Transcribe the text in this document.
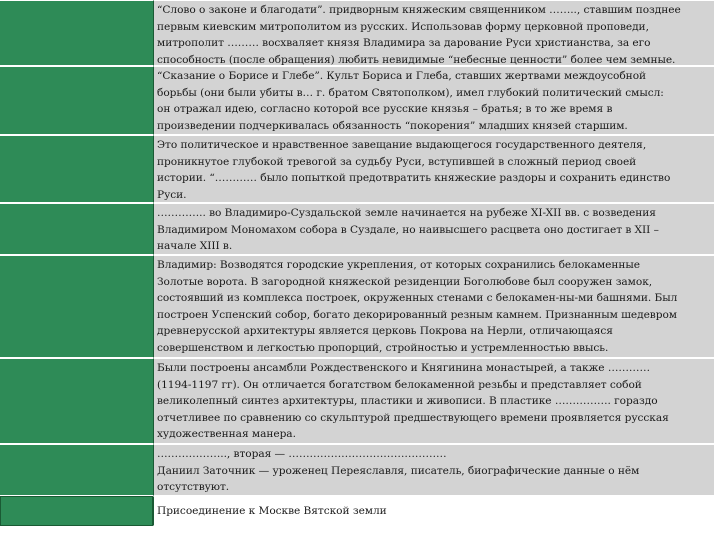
“Слово о законе и благодати”. придворным княжеским священником …….., ставшим позднее
первым киевским митрополитом из русских. Использовав форму церковной проповеди,
митрополит ……… восхваляет князя Владимира за дарование Руси христианства, за его
способность (после обращения) любить невидимые “небесные ценности” более чем земные.

“Сказание о Борисе и Глебе”. Культ Бориса и Глеба, ставших жертвами междоусобной
борьбы (они были убиты в… г. братом Святополком), имел глубокий политический смысл:
он отражал идею, согласно которой все русские князья – братья; в то же время в
произведении подчеркивалась обязанность “покорения” младших князей старшим.

Это политическое и нравственное завещание выдающегося государственного деятеля,
проникнутое глубокой тревогой за судьбу Руси, вступившей в сложный период своей
истории. “………… было попыткой предотвратить княжеские раздоры и сохранить единство
Руси.

………….. во Владимиро-Суздальской земле начинается на рубеже XI-XII вв. с возведения
Владимиром Мономахом собора в Суздале, но наивысшего расцвета оно достигает в XII –
начале XIII в.

Владимир: Возводятся городские укрепления, от которых сохранились белокаменные
Золотые ворота. В загородной княжеской резиденции Боголюбове был сооружен замок,
состоявший из комплекса построек, окруженных стенами с белокамен-ны-ми башнями. Был
построен Успенский собор, богато декорированный резным камнем. Признанным шедевром
древнерусской архитектуры является церковь Покрова на Нерли, отличающаяся
совершенством и легкостью пропорций, стройностью и устремленностью ввысь.

Были построены ансамбли Рождественского и Княгинина монастырей, а также …………
(1194-1197 гг). Он отличается богатством белокаменной резьбы и представляет собой
великолепный синтез архитектуры, пластики и живописи. В пластике ……………. гораздо
отчетливее по сравнению со скульптурой предшествующего времени проявляется русская
художественная манера.

……………….., вторая — ………………………………………
Даниил Заточник — уроженец Переяславля, писатель, биографические данные о нём
отсутствуют.

Присоединение к Москве Вятской земли
